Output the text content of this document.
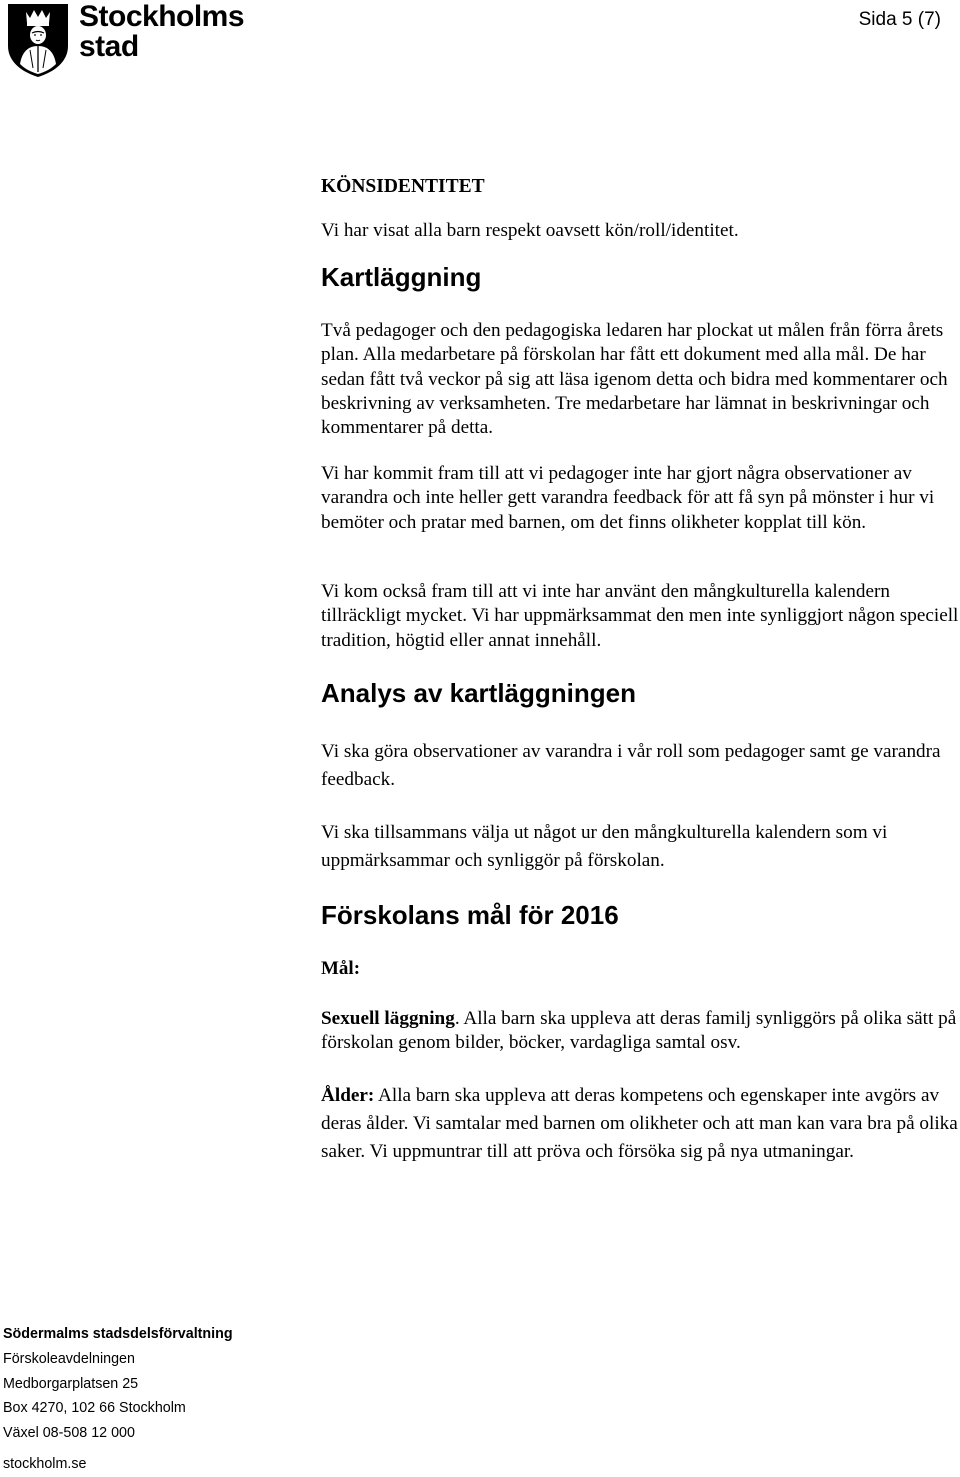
Stockholms
stad
Sida 5 (7)
KÖNSIDENTITET

Vi har visat alla barn respekt oavsett kön/roll/identitet.

Kartläggning

Två pedagoger och den pedagogiska ledaren har plockat ut målen från förra årets plan. Alla medarbetare på förskolan har fått ett dokument med alla mål. De har sedan fått två veckor på sig att läsa igenom detta och bidra med kommentarer och beskrivning av verksamheten. Tre medarbetare har lämnat in beskrivningar och kommentarer på detta.

Vi har kommit fram till att vi pedagoger inte har gjort några observationer av varandra och inte heller gett varandra feedback för att få syn på mönster i hur vi bemöter och pratar med barnen, om det finns olikheter kopplat till kön.

Vi kom också fram till att vi inte har använt den mångkulturella kalendern tillräckligt mycket. Vi har uppmärksammat den men inte synliggjort någon speciell tradition, högtid eller annat innehåll.

Analys av kartläggningen

Vi ska göra observationer av varandra i vår roll som pedagoger samt ge varandra feedback.

Vi ska tillsammans välja ut något ur den mångkulturella kalendern som vi uppmärksammar och synliggör på förskolan.

Förskolans mål för 2016
Mål:

Sexuell läggning. Alla barn ska uppleva att deras familj synliggörs på olika sätt på förskolan genom bilder, böcker, vardagliga samtal osv.

Ålder: Alla barn ska uppleva att deras kompetens och egenskaper inte avgörs av deras ålder. Vi samtalar med barnen om olikheter och att man kan vara bra på olika saker. Vi uppmuntrar till att pröva och försöka sig på nya utmaningar.

Södermalms stadsdelsförvaltning
Förskoleavdelningen
Medborgarplatsen 25
Box 4270, 102 66 Stockholm
Växel 08-508 12 000
stockholm.se
